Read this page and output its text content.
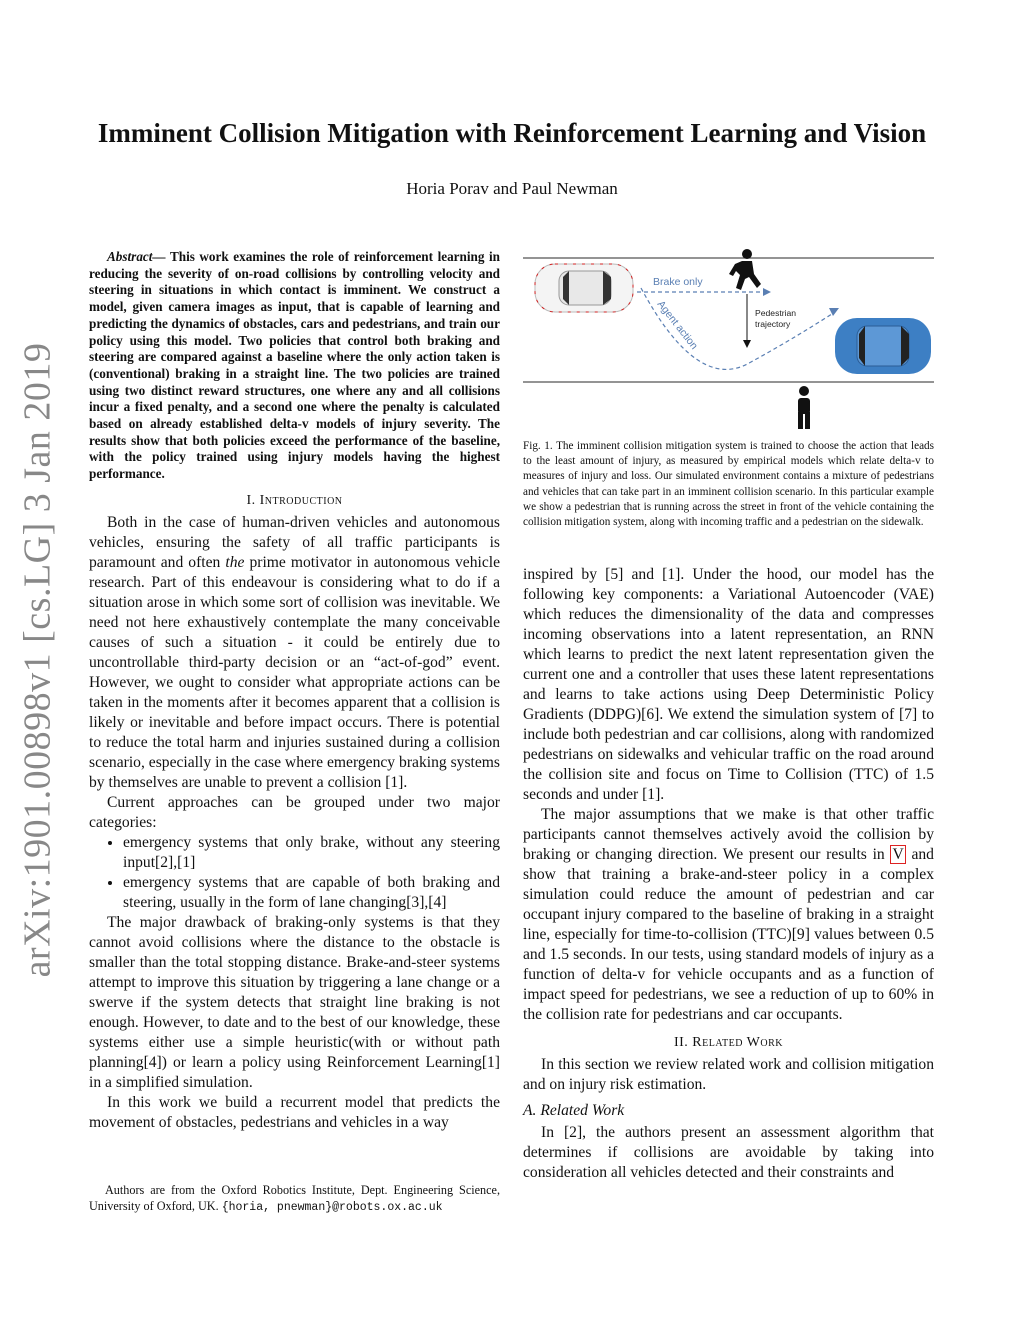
arXiv:1901.00898v1 [cs.LG] 3 Jan 2019
Imminent Collision Mitigation with Reinforcement Learning and Vision
Horia Porav and Paul Newman

Abstract— This work examines the role of reinforcement learning in reducing the severity of on-road collisions by controlling velocity and steering in situations in which contact is imminent. We construct a model, given camera images as input, that is capable of learning and predicting the dynamics of obstacles, cars and pedestrians, and train our policy using this model. Two policies that control both braking and steering are compared against a baseline where the only action taken is (conventional) braking in a straight line. The two policies are trained using two distinct reward structures, one where any and all collisions incur a fixed penalty, and a second one where the penalty is calculated based on already established delta-v models of injury severity. The results show that both policies exceed the performance of the baseline, with the policy trained using injury models having the highest performance.

I. Introduction

Both in the case of human-driven vehicles and autonomous vehicles, ensuring the safety of all traffic participants is paramount and often the prime motivator in autonomous vehicle research. Part of this endeavour is considering what to do if a situation arose in which some sort of collision was inevitable. We need not here exhaustively contemplate the many conceivable causes of such a situation - it could be entirely due to uncontrollable third-party decision or an “act-of-god” event. However, we ought to consider what appropriate actions can be taken in the moments after it becomes apparent that a collision is likely or inevitable and before impact occurs. There is potential to reduce the total harm and injuries sustained during a collision scenario, especially in the case where emergency braking systems by themselves are unable to prevent a collision [1].

Current approaches can be grouped under two major categories:

• emergency systems that only brake, without any steering input[2],[1]
• emergency systems that are capable of both braking and steering, usually in the form of lane changing[3],[4]

The major drawback of braking-only systems is that they cannot avoid collisions where the distance to the obstacle is smaller than the total stopping distance. Brake-and-steer systems attempt to improve this situation by triggering a lane change or a swerve if the system detects that straight line braking is not enough. However, to date and to the best of our knowledge, these systems either use a simple heuristic(with or without path planning[4]) or learn a policy using Reinforcement Learning[1] in a simplified simulation.

In this work we build a recurrent model that predicts the movement of obstacles, pedestrians and vehicles in a way

Authors are from the Oxford Robotics Institute, Dept. Engineering Science, University of Oxford, UK. {horia, pnewman}@robots.ox.ac.uk
Brake only
Agent action	Pedestrian
trajectory

Fig. 1. The imminent collision mitigation system is trained to choose the action that leads to the least amount of injury, as measured by empirical models which relate delta-v to measures of injury and loss. Our simulated environment contains a mixture of pedestrians and vehicles that can take part in an imminent collision scenario. In this particular example we show a pedestrian that is running across the street in front of the vehicle containing the collision mitigation system, along with incoming traffic and a pedestrian on the sidewalk.

inspired by [5] and [1]. Under the hood, our model has the following key components: a Variational Autoencoder (VAE) which reduces the dimensionality of the data and compresses incoming observations into a latent representation, an RNN which learns to predict the next latent representation given the current one and a controller that uses these latent representations and learns to take actions using Deep Deterministic Policy Gradients (DDPG)[6]. We extend the simulation system of [7] to include both pedestrian and car collisions, along with randomized pedestrians on sidewalks and vehicular traffic on the road around the collision site and focus on Time to Collision (TTC) of 1.5 seconds and under [1].

The major assumptions that we make is that other traffic participants cannot themselves actively avoid the collision by braking or changing direction. We present our results in V and show that training a brake-and-steer policy in a complex simulation could reduce the amount of pedestrian and car occupant injury compared to the baseline of braking in a straight line, especially for time-to-collision (TTC)[9] values between 0.5 and 1.5 seconds. In our tests, using standard models of injury as a function of delta-v for vehicle occupants and as a function of impact speed for pedestrians, we see a reduction of up to 60% in the collision rate for pedestrians and car occupants.

II. Related Work

In this section we review related work and collision mitigation and on injury risk estimation.

A. Related Work

In [2], the authors present an assessment algorithm that determines if collisions are avoidable by taking into consideration all vehicles detected and their constraints and
